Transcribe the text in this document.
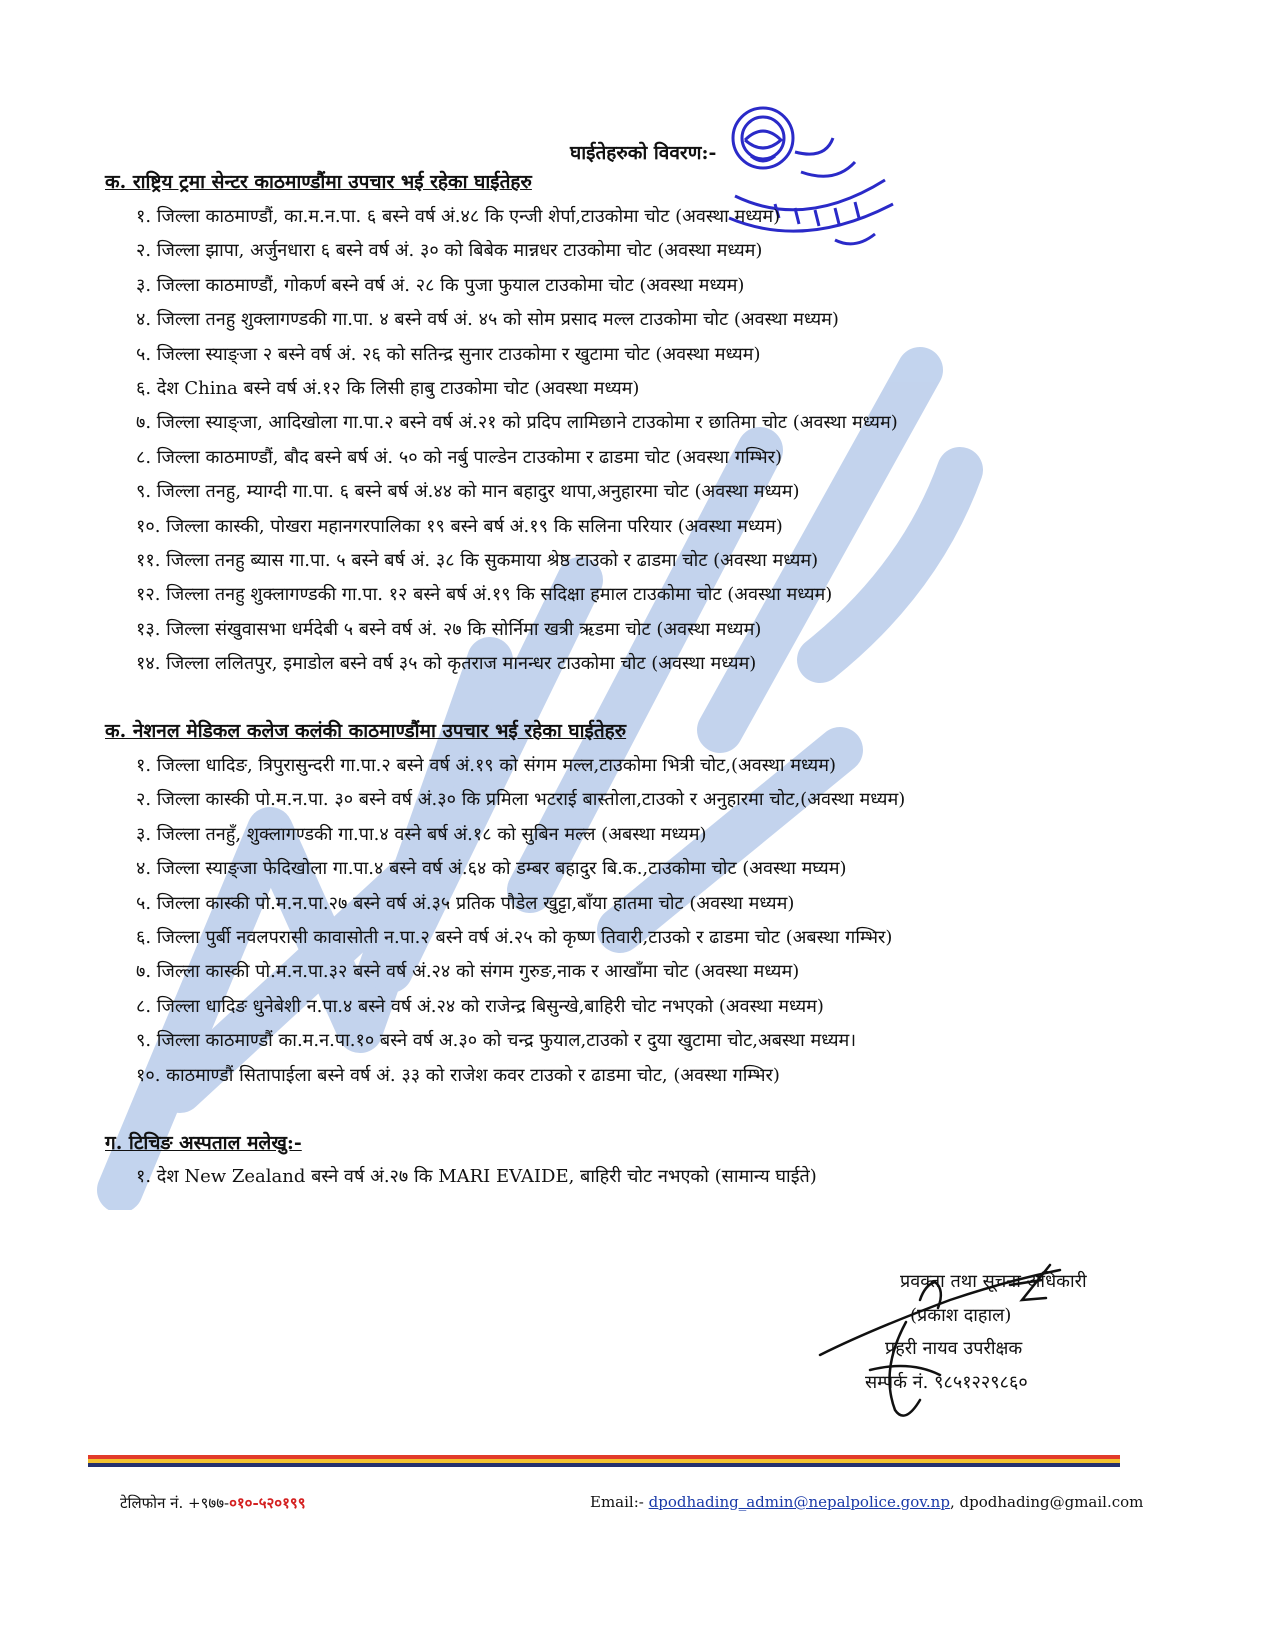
घाईतेहरुको विवरण:-
क. राष्ट्रिय ट्रमा सेन्टर काठमाण्डौंमा उपचार भई रहेका घाईतेहरु
१. जिल्ला काठमाण्डौं, का.म.न.पा. ६ बस्ने वर्ष अं.४८ कि एन्जी शेर्पा,टाउकोमा चोट (अवस्था मध्यम)
२. जिल्ला झापा, अर्जुनधारा ६ बस्ने वर्ष अं. ३० को बिबेक मान्नधर टाउकोमा चोट (अवस्था मध्यम)
३. जिल्ला काठमाण्डौं, गोकर्ण बस्ने वर्ष अं. २८ कि पुजा फुयाल टाउकोमा चोट (अवस्था मध्यम)
४. जिल्ला तनहु शुक्लागण्डकी गा.पा. ४ बस्ने वर्ष अं. ४५ को सोम प्रसाद मल्ल टाउकोमा चोट (अवस्था मध्यम)
५. जिल्ला स्याङ्जा २ बस्ने वर्ष अं. २६ को सतिन्द्र सुनार टाउकोमा र खुटामा चोट (अवस्था मध्यम)
६. देश China बस्ने वर्ष अं.१२ कि लिसी हाबु टाउकोमा चोट (अवस्था मध्यम)
७. जिल्ला स्याङ्जा, आदिखोला गा.पा.२ बस्ने वर्ष अं.२१ को प्रदिप लामिछाने टाउकोमा र छातिमा चोट (अवस्था मध्यम)
८. जिल्ला काठमाण्डौं, बौद बस्ने बर्ष अं. ५० को नर्बु पाल्डेन टाउकोमा र ढाडमा चोट (अवस्था गम्भिर)
९. जिल्ला तनहु, म्याग्दी गा.पा. ६ बस्ने बर्ष अं.४४ को मान बहादुर थापा,अनुहारमा चोट (अवस्था मध्यम)
१०. जिल्ला कास्की, पोखरा महानगरपालिका १९ बस्ने बर्ष अं.१९ कि सलिना परियार (अवस्था मध्यम)
११. जिल्ला तनहु ब्यास गा.पा. ५ बस्ने बर्ष अं. ३८ कि सुकमाया श्रेष्ठ टाउको र ढाडमा चोट (अवस्था मध्यम)
१२. जिल्ला तनहु शुक्लागण्डकी गा.पा. १२ बस्ने बर्ष अं.१९ कि सदिक्षा हमाल टाउकोमा चोट (अवस्था मध्यम)
१३. जिल्ला संखुवासभा धर्मदेबी ५ बस्ने वर्ष अं. २७ कि सोर्निमा खत्री ऋडमा चोट (अवस्था मध्यम)
१४. जिल्ला ललितपुर, इमाडोल बस्ने वर्ष ३५ को कृतराज मानन्धर टाउकोमा चोट (अवस्था मध्यम)
क. नेशनल मेडिकल कलेज कलंकी काठमाण्डौंमा उपचार भई रहेका घाईतेहरु
१. जिल्ला धादिङ, त्रिपुरासुन्दरी गा.पा.२ बस्ने वर्ष अं.१९ को संगम मल्ल,टाउकोमा भित्री चोट,(अवस्था मध्यम)
२. जिल्ला कास्की पो.म.न.पा. ३० बस्ने वर्ष अं.३० कि प्रमिला भटराई बास्तोला,टाउको र अनुहारमा चोट,(अवस्था मध्यम)
३. जिल्ला तनहुँ, शुक्लागण्डकी गा.पा.४ वस्ने बर्ष अं.१८ को सुबिन मल्ल (अबस्था मध्यम)
४. जिल्ला स्याङ्जा फेदिखोला गा.पा.४ बस्ने वर्ष अं.६४ को डम्बर बहादुर बि.क.,टाउकोमा चोट (अवस्था मघ्यम)
५. जिल्ला कास्की पो.म.न.पा.२७ बस्ने वर्ष अं.३५ प्रतिक पौडेल खुट्टा,बाँया हातमा चोट (अवस्था मध्यम)
६. जिल्ला पुर्बी नवलपरासी कावासोती न.पा.२ बस्ने वर्ष अं.२५ को कृष्ण तिवारी,टाउको र ढाडमा चोट (अबस्था गम्भिर)
७. जिल्ला कास्की पो.म.न.पा.३२ बस्ने वर्ष अं.२४ को संगम गुरुङ,नाक र आखाँमा चोट (अवस्था मध्यम)
८. जिल्ला धादिङ धुनेबेशी न.पा.४ बस्ने वर्ष अं.२४ को राजेन्द्र बिसुन्खे,बाहिरी चोट नभएको (अवस्था मध्यम)
९. जिल्ला काठमाण्डौं का.म.न.पा.१० बस्ने वर्ष अ.३० को चन्द्र फुयाल,टाउको र दुया खुटामा चोट,अबस्था मध्यम।
१०. काठमाण्डौं सितापाईला बस्ने वर्ष अं. ३३ को राजेश कवर टाउको र ढाडमा चोट, (अवस्था गम्भिर)
ग. टिचिङ अस्पताल मलेखु:-
१. देश New Zealand बस्ने वर्ष अं.२७ कि MARI EVAIDE, बाहिरी चोट नभएको (सामान्य घाईते)
प्रवक्ता तथा सूचना अधिकारी
(प्रकाश दाहाल)
प्रहरी नायव उपरीक्षक
सम्पर्क नं. ९८५१२२९८६०
टेलिफोन नं. +९७७-०१०-५२०१९९	Email:- dpodhading_admin@nepalpolice.gov.np, dpodhading@gmail.com
